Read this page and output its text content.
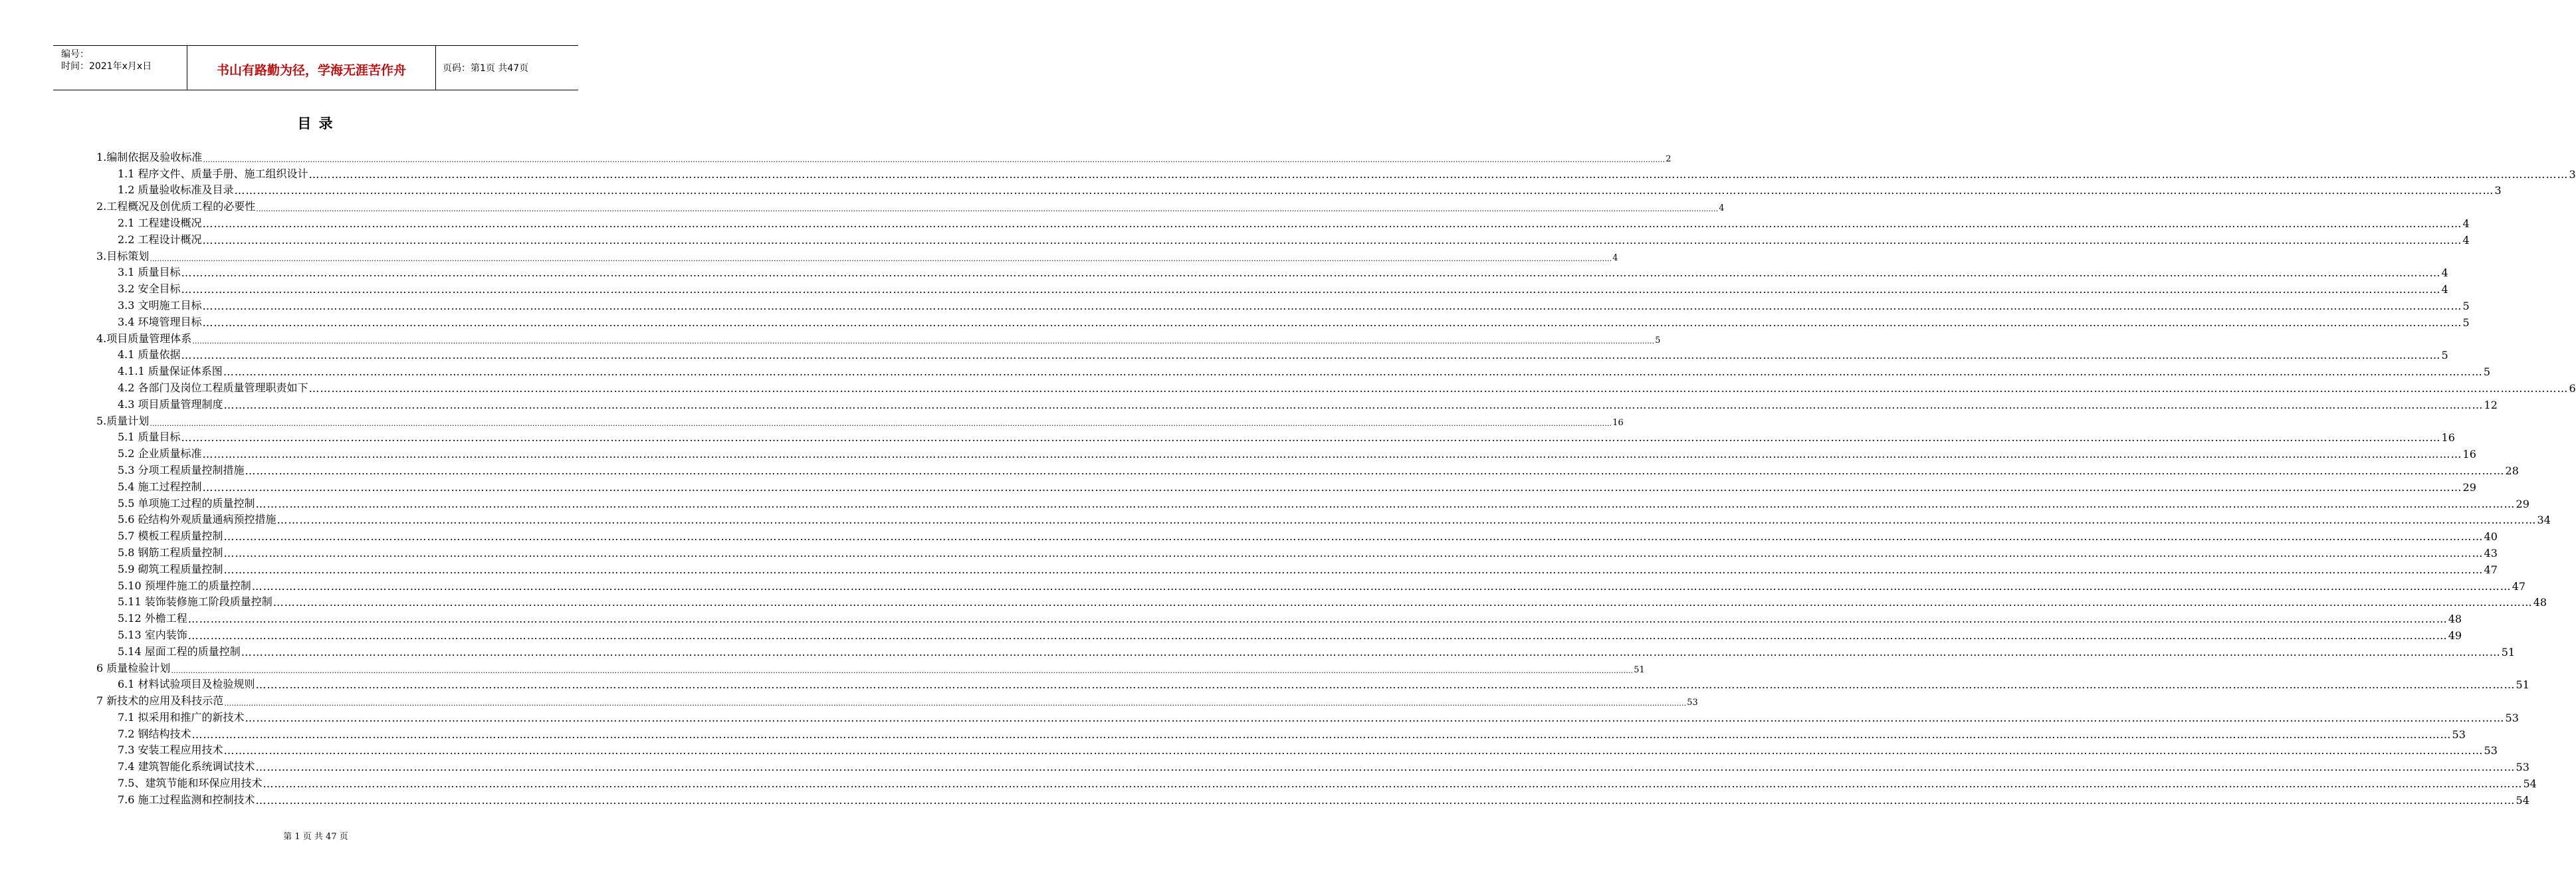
编号：
时间：2021年x月x日	书山有路勤为径，学海无涯苦作舟	页码：第1页 共47页
目 录
1.编制依据及验收标准 …………………………………………………………………………………………………………………………………………………………………………………………………………………………………………………………………………………………………………………………………………………………………………………………………………………………………………………………………………………………………………………………………………………… 2
1.1 程序文件、质量手册、施工组织设计 …………………………………………………………………………………………………………………………………………………………………………………………………………………………………………………………………………………………………………………………………………………………………………………………………………………………………………………………………………………………………………………………………………………… 3
1.2 质量验收标准及目录 …………………………………………………………………………………………………………………………………………………………………………………………………………………………………………………………………………………………………………………………………………………………………………………………………………………………………………………………………………………………………………………………………………………… 3
2.工程概况及创优质工程的必要性 …………………………………………………………………………………………………………………………………………………………………………………………………………………………………………………………………………………………………………………………………………………………………………………………………………………………………………………………………………………………………………………………………………………… 4
2.1 工程建设概况 …………………………………………………………………………………………………………………………………………………………………………………………………………………………………………………………………………………………………………………………………………………………………………………………………………………………………………………………………………………………………………………………………………………… 4
2.2 工程设计概况 …………………………………………………………………………………………………………………………………………………………………………………………………………………………………………………………………………………………………………………………………………………………………………………………………………………………………………………………………………………………………………………………………………………… 4
3.目标策划 …………………………………………………………………………………………………………………………………………………………………………………………………………………………………………………………………………………………………………………………………………………………………………………………………………………………………………………………………………………………………………………………………………………… 4
3.1 质量目标 …………………………………………………………………………………………………………………………………………………………………………………………………………………………………………………………………………………………………………………………………………………………………………………………………………………………………………………………………………………………………………………………………………………… 4
3.2 安全目标 …………………………………………………………………………………………………………………………………………………………………………………………………………………………………………………………………………………………………………………………………………………………………………………………………………………………………………………………………………………………………………………………………………………… 4
3.3 文明施工目标 …………………………………………………………………………………………………………………………………………………………………………………………………………………………………………………………………………………………………………………………………………………………………………………………………………………………………………………………………………………………………………………………………………………… 5
3.4 环境管理目标 …………………………………………………………………………………………………………………………………………………………………………………………………………………………………………………………………………………………………………………………………………………………………………………………………………………………………………………………………………………………………………………………………………………… 5
4.项目质量管理体系 …………………………………………………………………………………………………………………………………………………………………………………………………………………………………………………………………………………………………………………………………………………………………………………………………………………………………………………………………………………………………………………………………………………… 5
4.1 质量依据 …………………………………………………………………………………………………………………………………………………………………………………………………………………………………………………………………………………………………………………………………………………………………………………………………………………………………………………………………………………………………………………………………………………… 5
4.1.1 质量保证体系图 …………………………………………………………………………………………………………………………………………………………………………………………………………………………………………………………………………………………………………………………………………………………………………………………………………………………………………………………………………………………………………………………………………………… 5
4.2 各部门及岗位工程质量管理职责如下 …………………………………………………………………………………………………………………………………………………………………………………………………………………………………………………………………………………………………………………………………………………………………………………………………………………………………………………………………………………………………………………………………………………… 6
4.3 项目质量管理制度 …………………………………………………………………………………………………………………………………………………………………………………………………………………………………………………………………………………………………………………………………………………………………………………………………………………………………………………………………………………………………………………………………………………… 12
5.质量计划 …………………………………………………………………………………………………………………………………………………………………………………………………………………………………………………………………………………………………………………………………………………………………………………………………………………………………………………………………………………………………………………………………………………… 16
5.1 质量目标 …………………………………………………………………………………………………………………………………………………………………………………………………………………………………………………………………………………………………………………………………………………………………………………………………………………………………………………………………………………………………………………………………………………… 16
5.2 企业质量标准 …………………………………………………………………………………………………………………………………………………………………………………………………………………………………………………………………………………………………………………………………………………………………………………………………………………………………………………………………………………………………………………………………………………… 16
5.3 分项工程质量控制措施 …………………………………………………………………………………………………………………………………………………………………………………………………………………………………………………………………………………………………………………………………………………………………………………………………………………………………………………………………………………………………………………………………………………… 28
5.4 施工过程控制 …………………………………………………………………………………………………………………………………………………………………………………………………………………………………………………………………………………………………………………………………………………………………………………………………………………………………………………………………………………………………………………………………………………… 29
5.5 单项施工过程的质量控制 …………………………………………………………………………………………………………………………………………………………………………………………………………………………………………………………………………………………………………………………………………………………………………………………………………………………………………………………………………………………………………………………………………………… 29
5.6 砼结构外观质量通病预控措施 …………………………………………………………………………………………………………………………………………………………………………………………………………………………………………………………………………………………………………………………………………………………………………………………………………………………………………………………………………………………………………………………………………………… 34
5.7 模板工程质量控制 …………………………………………………………………………………………………………………………………………………………………………………………………………………………………………………………………………………………………………………………………………………………………………………………………………………………………………………………………………………………………………………………………………………… 40
5.8 钢筋工程质量控制 …………………………………………………………………………………………………………………………………………………………………………………………………………………………………………………………………………………………………………………………………………………………………………………………………………………………………………………………………………………………………………………………………………………… 43
5.9 砌筑工程质量控制 …………………………………………………………………………………………………………………………………………………………………………………………………………………………………………………………………………………………………………………………………………………………………………………………………………………………………………………………………………………………………………………………………………………… 47
5.10 预埋件施工的质量控制 …………………………………………………………………………………………………………………………………………………………………………………………………………………………………………………………………………………………………………………………………………………………………………………………………………………………………………………………………………………………………………………………………………………… 47
5.11 装饰装修施工阶段质量控制 …………………………………………………………………………………………………………………………………………………………………………………………………………………………………………………………………………………………………………………………………………………………………………………………………………………………………………………………………………………………………………………………………………………… 48
5.12 外檐工程 …………………………………………………………………………………………………………………………………………………………………………………………………………………………………………………………………………………………………………………………………………………………………………………………………………………………………………………………………………………………………………………………………………………… 48
5.13 室内装饰 …………………………………………………………………………………………………………………………………………………………………………………………………………………………………………………………………………………………………………………………………………………………………………………………………………………………………………………………………………………………………………………………………………………… 49
5.14 屋面工程的质量控制 …………………………………………………………………………………………………………………………………………………………………………………………………………………………………………………………………………………………………………………………………………………………………………………………………………………………………………………………………………………………………………………………………………………… 51
6 质量检验计划 …………………………………………………………………………………………………………………………………………………………………………………………………………………………………………………………………………………………………………………………………………………………………………………………………………………………………………………………………………………………………………………………………………………… 51
6.1 材料试验项目及检验规则 …………………………………………………………………………………………………………………………………………………………………………………………………………………………………………………………………………………………………………………………………………………………………………………………………………………………………………………………………………………………………………………………………………………… 51
7 新技术的应用及科技示范 …………………………………………………………………………………………………………………………………………………………………………………………………………………………………………………………………………………………………………………………………………………………………………………………………………………………………………………………………………………………………………………………………………………… 53
7.1 拟采用和推广的新技术 …………………………………………………………………………………………………………………………………………………………………………………………………………………………………………………………………………………………………………………………………………………………………………………………………………………………………………………………………………………………………………………………………………………… 53
7.2 钢结构技术 …………………………………………………………………………………………………………………………………………………………………………………………………………………………………………………………………………………………………………………………………………………………………………………………………………………………………………………………………………………………………………………………………………………… 53
7.3 安装工程应用技术 …………………………………………………………………………………………………………………………………………………………………………………………………………………………………………………………………………………………………………………………………………………………………………………………………………………………………………………………………………………………………………………………………………………… 53
7.4 建筑智能化系统调试技术 …………………………………………………………………………………………………………………………………………………………………………………………………………………………………………………………………………………………………………………………………………………………………………………………………………………………………………………………………………………………………………………………………………………… 53
7.5、建筑节能和环保应用技术 …………………………………………………………………………………………………………………………………………………………………………………………………………………………………………………………………………………………………………………………………………………………………………………………………………………………………………………………………………………………………………………………………………………… 54
7.6 施工过程监测和控制技术 …………………………………………………………………………………………………………………………………………………………………………………………………………………………………………………………………………………………………………………………………………………………………………………………………………………………………………………………………………………………………………………………………………………… 54
第 1 页 共 47 页
